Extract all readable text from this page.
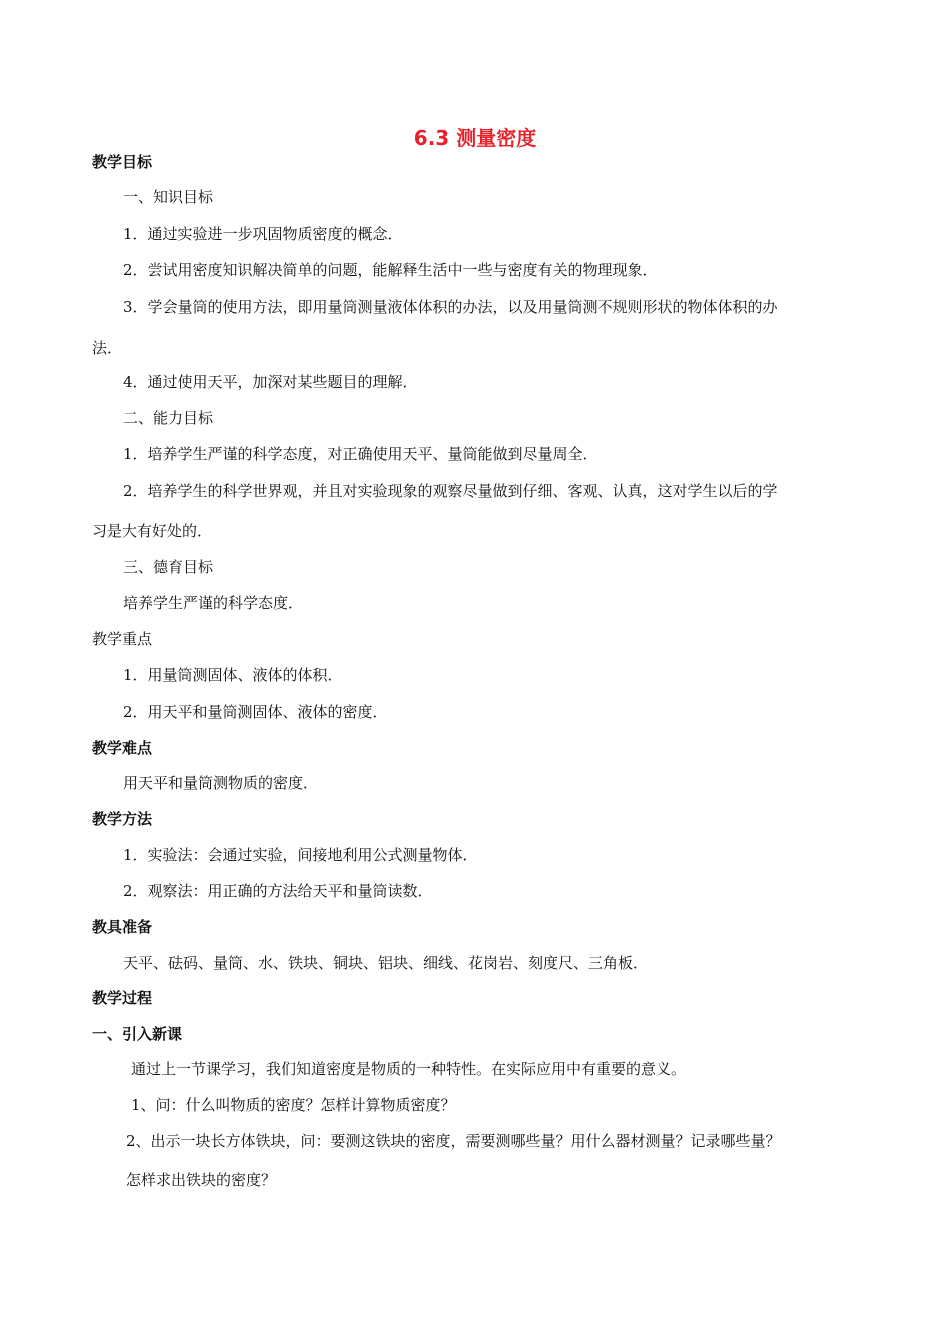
6.3 测量密度
教学目标
一、知识目标
1．通过实验进一步巩固物质密度的概念．
2．尝试用密度知识解决简单的问题，能解释生活中一些与密度有关的物理现象．
3．学会量筒的使用方法，即用量筒测量液体体积的办法，以及用量筒测不规则形状的物体体积的办
法．
4．通过使用天平，加深对某些题目的理解．
二、能力目标
1．培养学生严谨的科学态度，对正确使用天平、量筒能做到尽量周全．
2．培养学生的科学世界观，并且对实验现象的观察尽量做到仔细、客观、认真，这对学生以后的学
习是大有好处的．
三、德育目标
培养学生严谨的科学态度．
教学重点
1．用量筒测固体、液体的体积．
2．用天平和量筒测固体、液体的密度．
教学难点
用天平和量筒测物质的密度．
教学方法
1．实验法：会通过实验，间接地利用公式测量物体．
2．观察法：用正确的方法给天平和量筒读数．
教具准备
天平、砝码、量筒、水、铁块、铜块、铝块、细线、花岗岩、刻度尺、三角板．
教学过程
一、引入新课
通过上一节课学习，我们知道密度是物质的一种特性。在实际应用中有重要的意义。
1、问：什么叫物质的密度？怎样计算物质密度？
2、出示一块长方体铁块，问：要测这铁块的密度，需要测哪些量？用什么器材测量？记录哪些量？
怎样求出铁块的密度？
